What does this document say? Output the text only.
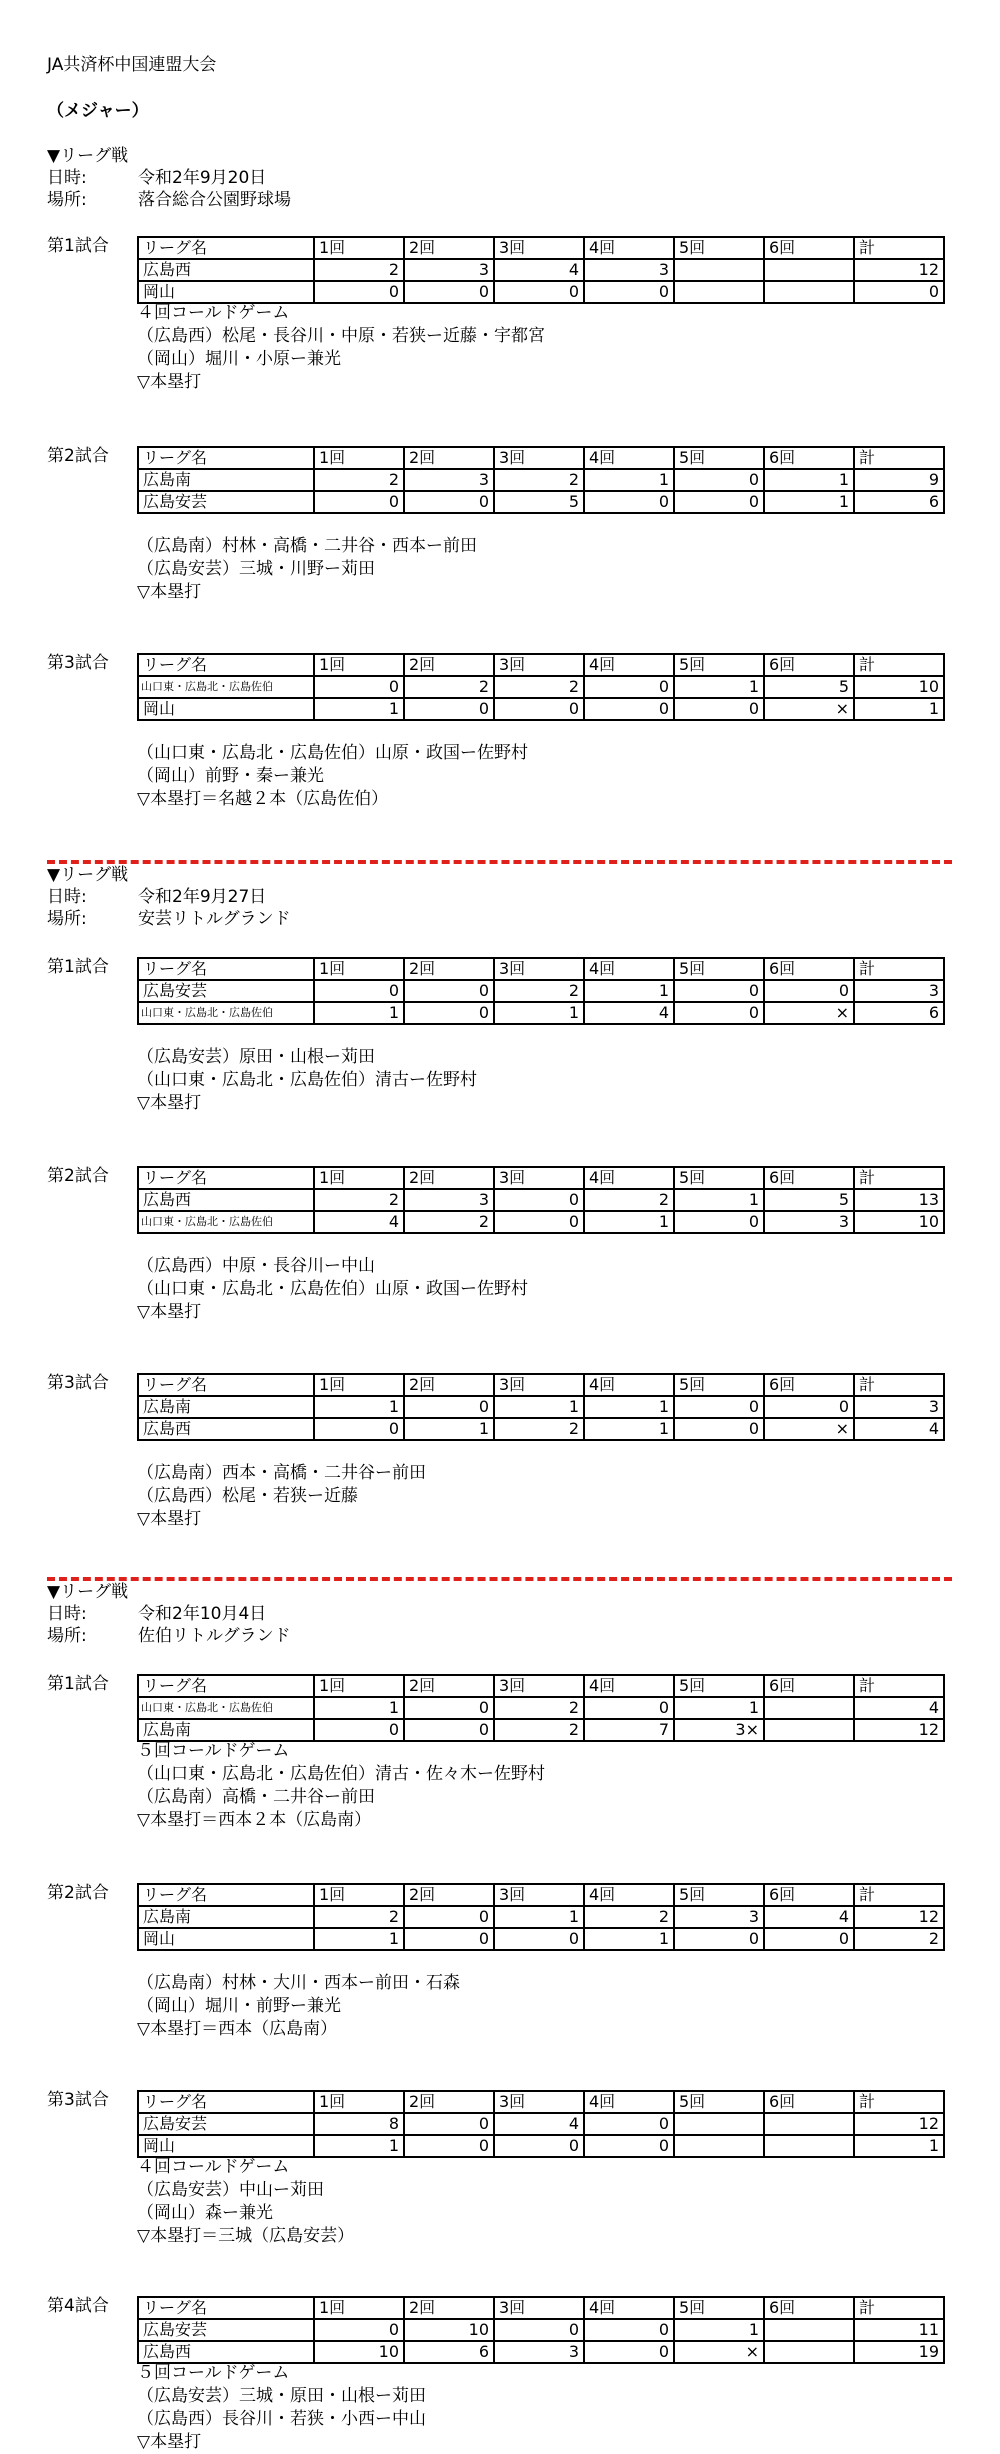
JA共済杯中国連盟大会
（メジャー）
▼リーグ戦
日時:	令和2年9月20日
場所:	落合総合公園野球場
第1試合 リーグ名	1回	2回	3回	4回	5回	6回	計
広島西	2	3	4	3			12
岡山	0	0	0	0			0
４回コールドゲーム
（広島西）松尾・長谷川・中原・若狭ー近藤・宇都宮
（岡山）堀川・小原ー兼光
▽本塁打
第2試合 リーグ名	1回	2回	3回	4回	5回	6回	計
広島南	2	3	2	1	0	1	9
広島安芸	0	0	5	0	0	1	6
（広島南）村林・高橋・二井谷・西本ー前田
（広島安芸）三城・川野ー苅田
▽本塁打
第3試合 リーグ名	1回	2回	3回	4回	5回	6回	計
山口東・広島北・広島佐伯	0	2	2	0	1	5	10
岡山	1	0	0	0	0	×	1
（山口東・広島北・広島佐伯）山原・政国ー佐野村
（岡山）前野・秦ー兼光
▽本塁打＝名越２本（広島佐伯）
▼リーグ戦
日時:	令和2年9月27日
場所:	安芸リトルグランド
第1試合 リーグ名	1回	2回	3回	4回	5回	6回	計
広島安芸	0	0	2	1	0	0	3
山口東・広島北・広島佐伯	1	0	1	4	0	×	6
（広島安芸）原田・山根ー苅田
（山口東・広島北・広島佐伯）清古ー佐野村
▽本塁打
第2試合 リーグ名	1回	2回	3回	4回	5回	6回	計
広島西	2	3	0	2	1	5	13
山口東・広島北・広島佐伯	4	2	0	1	0	3	10
（広島西）中原・長谷川ー中山
（山口東・広島北・広島佐伯）山原・政国ー佐野村
▽本塁打
第3試合 リーグ名	1回	2回	3回	4回	5回	6回	計
広島南	1	0	1	1	0	0	3
広島西	0	1	2	1	0	×	4
（広島南）西本・高橋・二井谷ー前田
（広島西）松尾・若狭ー近藤
▽本塁打
▼リーグ戦
日時:	令和2年10月4日
場所:	佐伯リトルグランド
第1試合 リーグ名	1回	2回	3回	4回	5回	6回	計
山口東・広島北・広島佐伯	1	0	2	0	1		4
広島南	0	0	2	7	3×		12
５回コールドゲーム
（山口東・広島北・広島佐伯）清古・佐々木ー佐野村
（広島南）高橋・二井谷ー前田
▽本塁打＝西本２本（広島南）
第2試合 リーグ名	1回	2回	3回	4回	5回	6回	計
広島南	2	0	1	2	3	4	12
岡山	1	0	0	1	0	0	2
（広島南）村林・大川・西本ー前田・石森
（岡山）堀川・前野ー兼光
▽本塁打＝西本（広島南）
第3試合 リーグ名	1回	2回	3回	4回	5回	6回	計
広島安芸	8	0	4	0			12
岡山	1	0	0	0			1
４回コールドゲーム
（広島安芸）中山ー苅田
（岡山）森ー兼光
▽本塁打＝三城（広島安芸）
第4試合 リーグ名	1回	2回	3回	4回	5回	6回	計
広島安芸	0	10	0	0	1		11
広島西	10	6	3	0	×		19
５回コールドゲーム
（広島安芸）三城・原田・山根ー苅田
（広島西）長谷川・若狭・小西ー中山
▽本塁打
